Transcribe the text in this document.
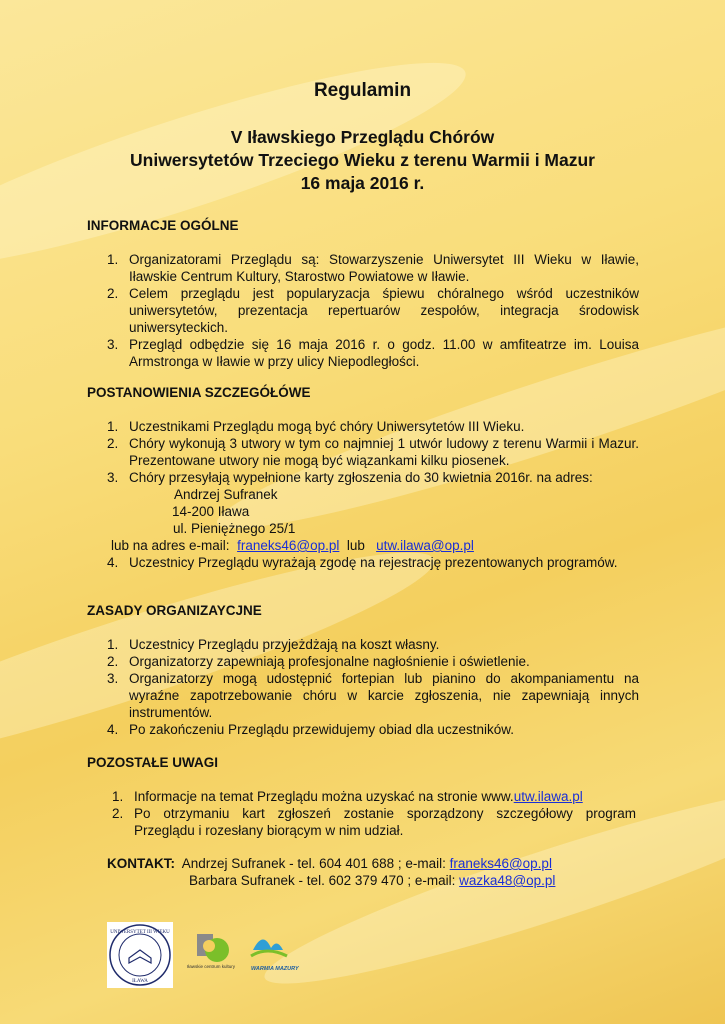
Regulamin
V Iławskiego Przeglądu Chórów
Uniwersytetów Trzeciego Wieku z terenu Warmii i Mazur
16 maja 2016 r.
INFORMACJE OGÓLNE
1. Organizatorami Przeglądu są: Stowarzyszenie Uniwersytet III Wieku w Iławie, Iławskie Centrum Kultury, Starostwo Powiatowe w Iławie.
2. Celem przeglądu jest popularyzacja śpiewu chóralnego wśród uczestników uniwersytetów, prezentacja repertuarów zespołów, integracja środowisk uniwersyteckich.
3. Przegląd odbędzie się 16 maja 2016 r. o godz. 11.00 w amfiteatrze im. Louisa Armstronga w Iławie w przy ulicy Niepodległości.
POSTANOWIENIA SZCZEGÓŁÓWE
1. Uczestnikami Przeglądu mogą być chóry Uniwersytetów III Wieku.
2. Chóry wykonują 3 utwory w tym co najmniej 1 utwór ludowy z terenu Warmii i Mazur. Prezentowane utwory nie mogą być wiązankami kilku piosenek.
3. Chóry przesyłają wypełnione karty zgłoszenia do 30 kwietnia 2016r. na adres:
Andrzej Sufranek
14-200 Iława
ul. Pieniężnego 25/1
lub na adres e-mail: franeks46@op.pl lub utw.ilawa@op.pl
4. Uczestnicy Przeglądu wyrażają zgodę na rejestrację prezentowanych programów.
ZASADY ORGANIZAYCJNE
1. Uczestnicy Przeglądu przyjeżdżają na koszt własny.
2. Organizatorzy zapewniają profesjonalne nagłośnienie i oświetlenie.
3. Organizatorzy mogą udostępnić fortepian lub pianino do akompaniamentu na wyraźne zapotrzebowanie chóru w karcie zgłoszenia, nie zapewniają innych instrumentów.
4. Po zakończeniu Przeglądu przewidujemy obiad dla uczestników.
POZOSTAŁE UWAGI
1. Informacje na temat Przeglądu można uzyskać na stronie www.utw.ilawa.pl
2. Po otrzymaniu kart zgłoszeń zostanie sporządzony szczegółowy program Przeglądu i rozesłany biorącym w nim udział.
KONTAKT: Andrzej Sufranek - tel. 604 401 688 ; e-mail: franeks46@op.pl
Barbara Sufranek - tel. 602 379 470 ; e-mail: wazka48@op.pl
UNIWERSYTET III WIEKU
IŁAWA
Iławskie centrum kultury	WARMIA MAZURY
